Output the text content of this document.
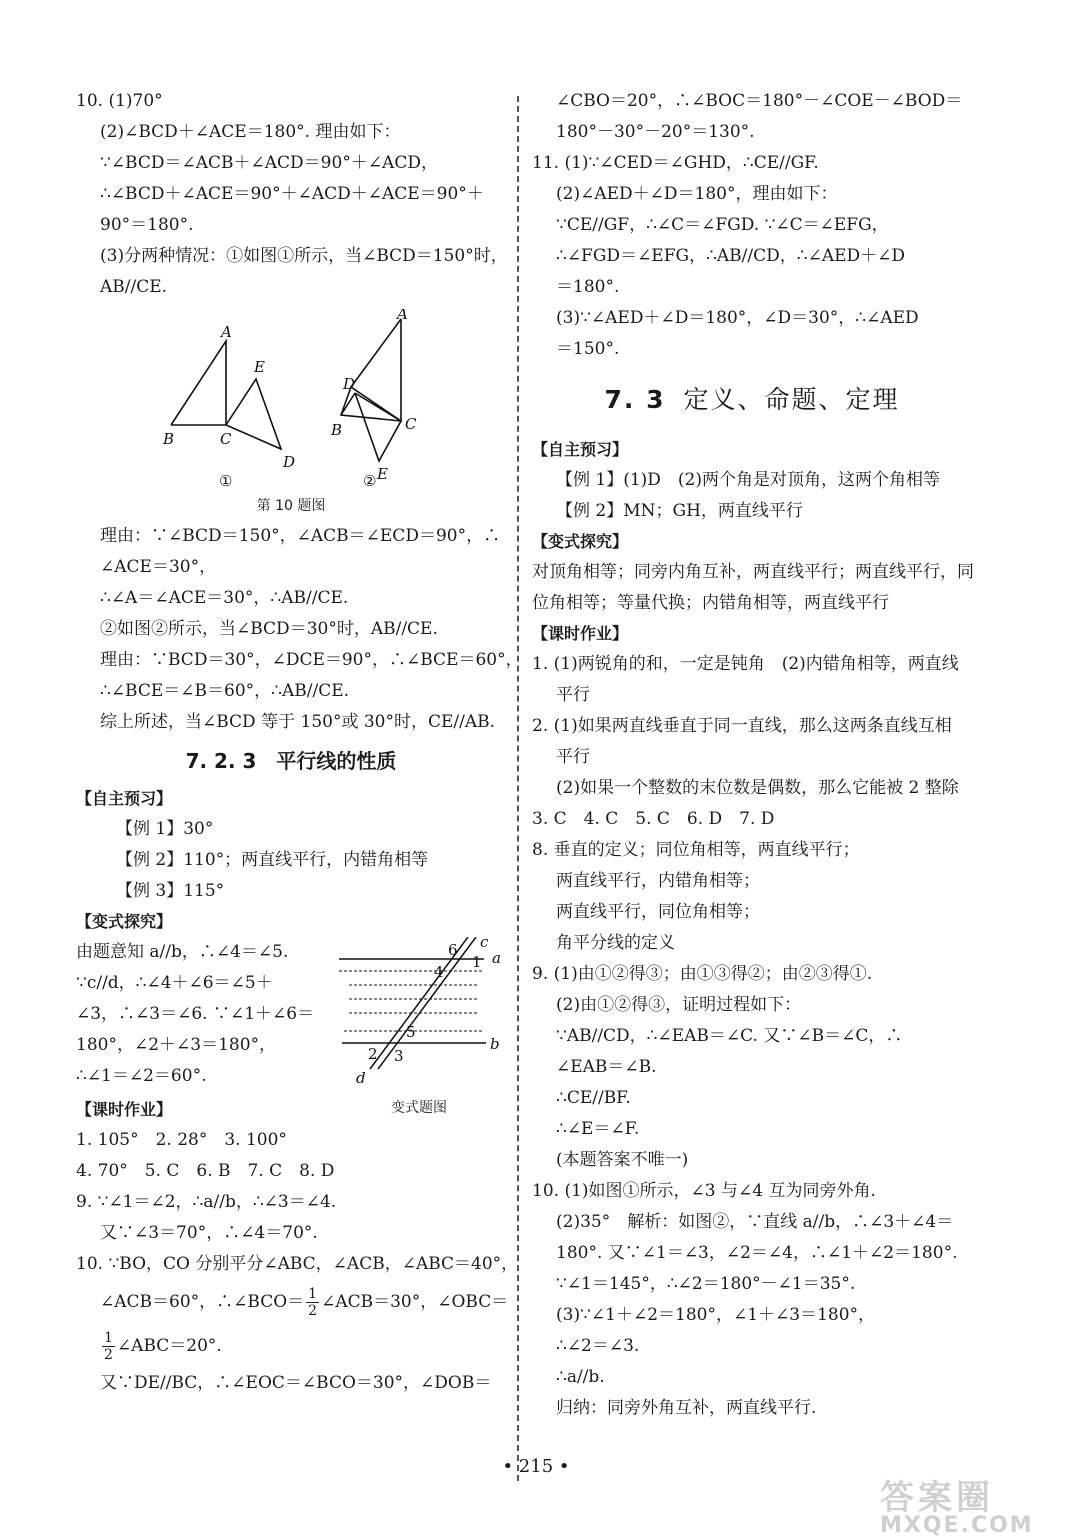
10. (1)70°
(2)∠BCD＋∠ACE＝180°. 理由如下：
∵∠BCD＝∠ACB＋∠ACD＝90°＋∠ACD，
∴∠BCD＋∠ACE＝90°＋∠ACD＋∠ACE＝90°＋
90°＝180°.
(3)分两种情况：①如图①所示，当∠BCD＝150°时，
AB//CE.
A
E
B	C
D
①
A
D
B	C
E
②
第 10 题图
理由：∵∠BCD＝150°，∠ACB＝∠ECD＝90°，∴
∠ACE＝30°，
∴∠A＝∠ACE＝30°，∴AB//CE.
②如图②所示，当∠BCD＝30°时，AB//CE.
理由：∵BCD＝30°，∠DCE＝90°，∴∠BCE＝60°，
∴∠BCE＝∠B＝60°，∴AB//CE.
综上所述，当∠BCD 等于 150°或 30°时，CE//AB.
7. 2. 3　平行线的性质
【自主预习】
【例 1】30°
【例 2】110°；两直线平行，内错角相等
【例 3】115°
【变式探究】
由题意知 a//b，∴∠4＝∠5.
∵c//d，∴∠4＋∠6＝∠5＋
∠3，∴∠3＝∠6. ∵∠1＋∠6＝
180°，∠2＋∠3＝180°，
∴∠1＝∠2＝60°.
c
6
1 a
4
5
b
2 3
d
变式题图
【课时作业】
1. 105°　2. 28°　3. 100°
4. 70°　5. C　6. B　7. C　8. D
9. ∵∠1＝∠2，∴a//b，∴∠3＝∠4.
又∵∠3＝70°，∴∠4＝70°.
10. ∵BO，CO 分别平分∠ABC，∠ACB，∠ABC＝40°，
∠ACB＝60°，∴∠BCO＝ $\frac{1}{2}$ ∠ACB＝30°，∠OBC＝
$\frac{1}{2}$ ∠ABC＝20°.
又∵DE//BC，∴∠EOC＝∠BCO＝30°，∠DOB＝
∠CBO＝20°，∴∠BOC＝180°－∠COE－∠BOD＝
180°－30°－20°＝130°.
11. (1)∵∠CED＝∠GHD，∴CE//GF.
(2)∠AED＋∠D＝180°，理由如下：
∵CE//GF，∴∠C＝∠FGD. ∵∠C＝∠EFG，
∴∠FGD＝∠EFG，∴AB//CD，∴∠AED＋∠D
＝180°.
(3)∵∠AED＋∠D＝180°，∠D＝30°，∴∠AED
＝150°.
7. 3 定义、命题、定理
【自主预习】
【例 1】(1)D　(2)两个角是对顶角，这两个角相等
【例 2】MN；GH，两直线平行
【变式探究】
对顶角相等；同旁内角互补，两直线平行；两直线平行，同
位角相等；等量代换；内错角相等，两直线平行
【课时作业】
1. (1)两锐角的和，一定是钝角　(2)内错角相等，两直线
平行
2. (1)如果两直线垂直于同一直线，那么这两条直线互相
平行
(2)如果一个整数的末位数是偶数，那么它能被 2 整除
3. C　4. C　5. C　6. D　7. D
8. 垂直的定义；同位角相等，两直线平行；
两直线平行，内错角相等；
两直线平行，同位角相等；
角平分线的定义
9. (1)由①②得③；由①③得②；由②③得①.
(2)由①②得③，证明过程如下：
∵AB//CD，∴∠EAB＝∠C. 又∵∠B＝∠C，∴
∠EAB＝∠B.
∴CE//BF.
∴∠E＝∠F.
(本题答案不唯一)
10. (1)如图①所示，∠3 与∠4 互为同旁外角.
(2)35°　解析：如图②，∵直线 a//b，∴∠3＋∠4＝
180°. 又∵∠1＝∠3，∠2＝∠4，∴∠1＋∠2＝180°.
∵∠1＝145°，∴∠2＝180°－∠1＝35°.
(3)∵∠1＋∠2＝180°，∠1＋∠3＝180°，
∴∠2＝∠3.
∴a//b.
归纳：同旁外角互补，两直线平行.
• 215 •
答案圈
MXQE.COM
